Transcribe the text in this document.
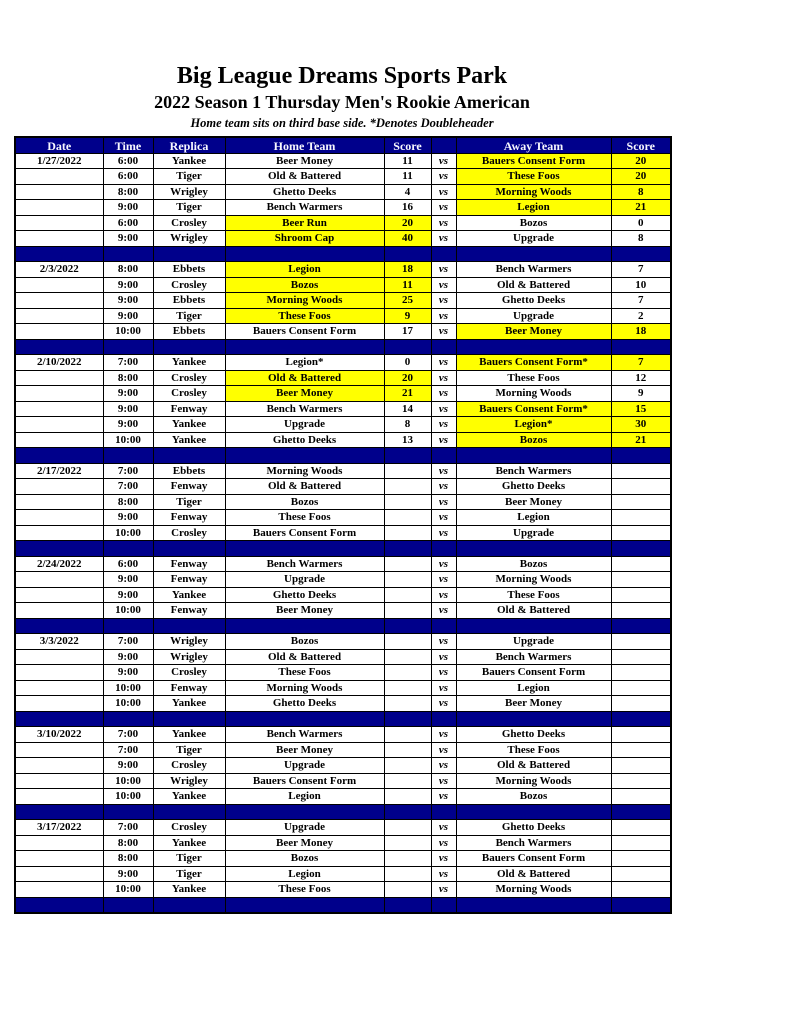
Big League Dreams Sports Park
2022 Season 1 Thursday Men's Rookie American
Home team sits on third base side. *Denotes Doubleheader
Date	Time	Replica	Home Team	Score		Away Team	Score
1/27/2022	6:00	Yankee	Beer Money	11	vs	Bauers Consent Form	20
	6:00	Tiger	Old & Battered	11	vs	These Foos	20
	8:00	Wrigley	Ghetto Deeks	4	vs	Morning Woods	8
	9:00	Tiger	Bench Warmers	16	vs	Legion	21
	6:00	Crosley	Beer Run	20	vs	Bozos	0
	9:00	Wrigley	Shroom Cap	40	vs	Upgrade	8

2/3/2022	8:00	Ebbets	Legion	18	vs	Bench Warmers	7
	9:00	Crosley	Bozos	11	vs	Old & Battered	10
	9:00	Ebbets	Morning Woods	25	vs	Ghetto Deeks	7
	9:00	Tiger	These Foos	9	vs	Upgrade	2
	10:00	Ebbets	Bauers Consent Form	17	vs	Beer Money	18

2/10/2022	7:00	Yankee	Legion*	0	vs	Bauers Consent Form*	7
	8:00	Crosley	Old & Battered	20	vs	These Foos	12
	9:00	Crosley	Beer Money	21	vs	Morning Woods	9
	9:00	Fenway	Bench Warmers	14	vs	Bauers Consent Form*	15
	9:00	Yankee	Upgrade	8	vs	Legion*	30
	10:00	Yankee	Ghetto Deeks	13	vs	Bozos	21

2/17/2022	7:00	Ebbets	Morning Woods		vs	Bench Warmers	
	7:00	Fenway	Old & Battered		vs	Ghetto Deeks	
	8:00	Tiger	Bozos		vs	Beer Money	
	9:00	Fenway	These Foos		vs	Legion	
	10:00	Crosley	Bauers Consent Form		vs	Upgrade	

2/24/2022	6:00	Fenway	Bench Warmers		vs	Bozos	
	9:00	Fenway	Upgrade		vs	Morning Woods	
	9:00	Yankee	Ghetto Deeks		vs	These Foos	
	10:00	Fenway	Beer Money		vs	Old & Battered	

3/3/2022	7:00	Wrigley	Bozos		vs	Upgrade	
	9:00	Wrigley	Old & Battered		vs	Bench Warmers	
	9:00	Crosley	These Foos		vs	Bauers Consent Form	
	10:00	Fenway	Morning Woods		vs	Legion	
	10:00	Yankee	Ghetto Deeks		vs	Beer Money	

3/10/2022	7:00	Yankee	Bench Warmers		vs	Ghetto Deeks	
	7:00	Tiger	Beer Money		vs	These Foos	
	9:00	Crosley	Upgrade		vs	Old & Battered	
	10:00	Wrigley	Bauers Consent Form		vs	Morning Woods	
	10:00	Yankee	Legion		vs	Bozos	

3/17/2022	7:00	Crosley	Upgrade		vs	Ghetto Deeks	
	8:00	Yankee	Beer Money		vs	Bench Warmers	
	8:00	Tiger	Bozos		vs	Bauers Consent Form	
	9:00	Tiger	Legion		vs	Old & Battered	
	10:00	Yankee	These Foos		vs	Morning Woods	
